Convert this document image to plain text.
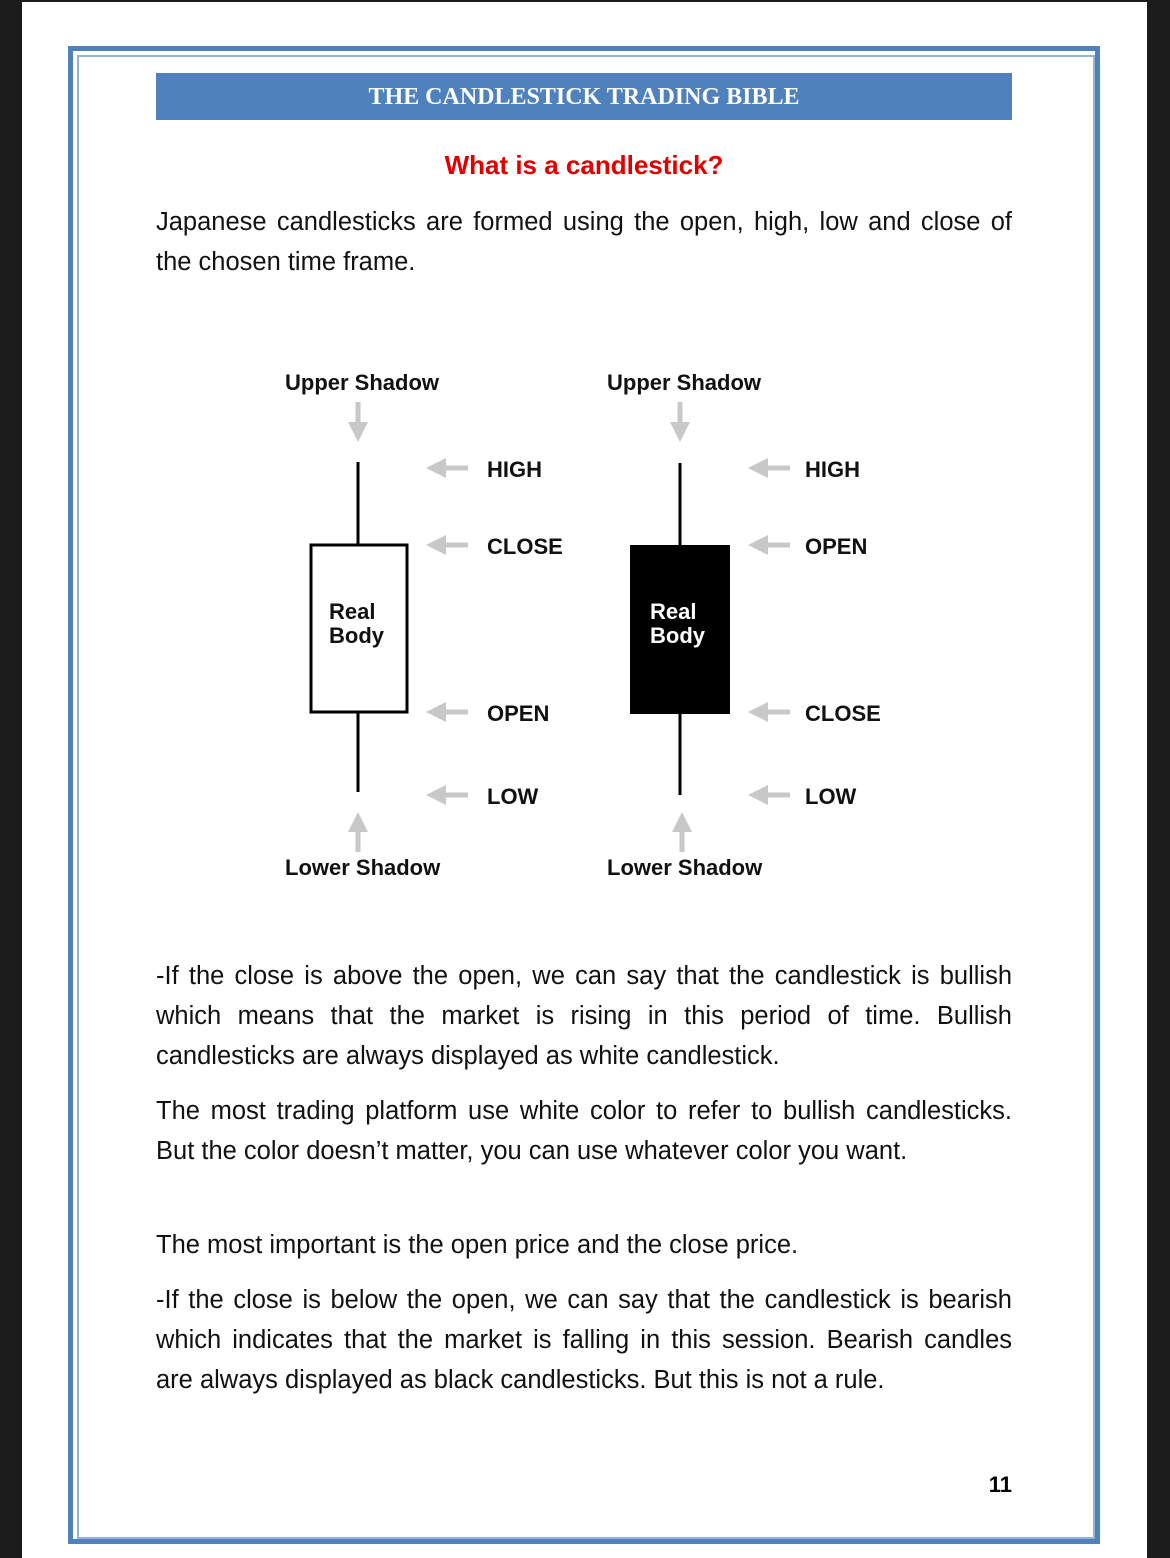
THE CANDLESTICK TRADING BIBLE
What is a candlestick?
Japanese candlesticks are formed using the open, high, low and close of the chosen time frame.
Upper Shadow
Real
Body
Lower Shadow
HIGH
CLOSE
OPEN
LOW
Upper Shadow
Real
Body
Lower Shadow
HIGH
OPEN
CLOSE
LOW
-If the close is above the open, we can say that the candlestick is bullish which means that the market is rising in this period of time. Bullish candlesticks are always displayed as white candlestick.
The most trading platform use white color to refer to bullish candlesticks. But the color doesn’t matter, you can use whatever color you want.
The most important is the open price and the close price.
-If the close is below the open, we can say that the candlestick is bearish which indicates that the market is falling in this session. Bearish candles are always displayed as black candlesticks. But this is not a rule.
11
